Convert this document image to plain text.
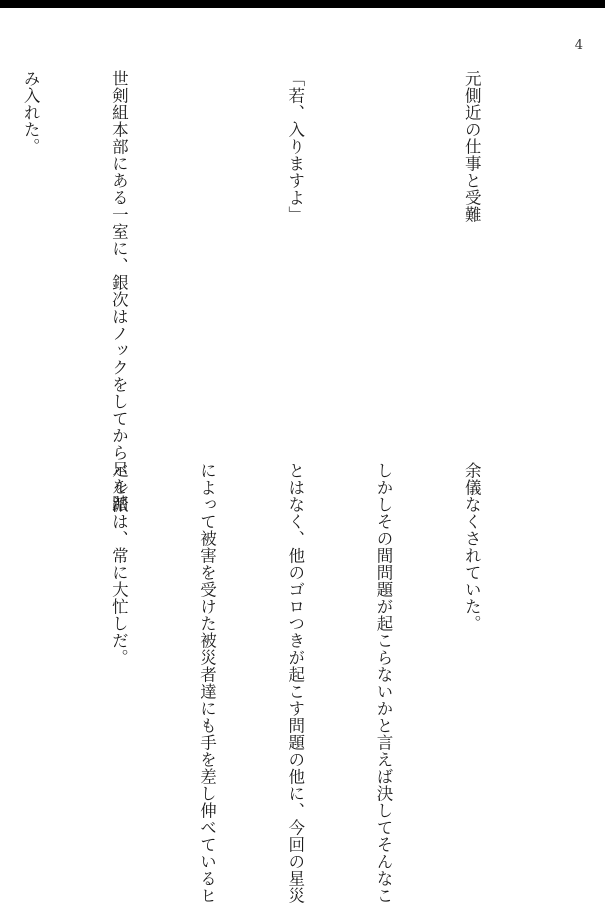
4

元側近の仕事と受難

「若、入りますよ」

世剣組本部にある一室に、銀次はノックをしてから足を踏

み入れた。

余儀なくされていた。

しかしその間問題が起こらないかと言えば決してそんなこ

とはなく、他のゴロつきが起こす問題の他に、今回の星災

によって被害を受けた被災者達にも手を差し伸べているヒ

バル派は、常に大忙しだ。
